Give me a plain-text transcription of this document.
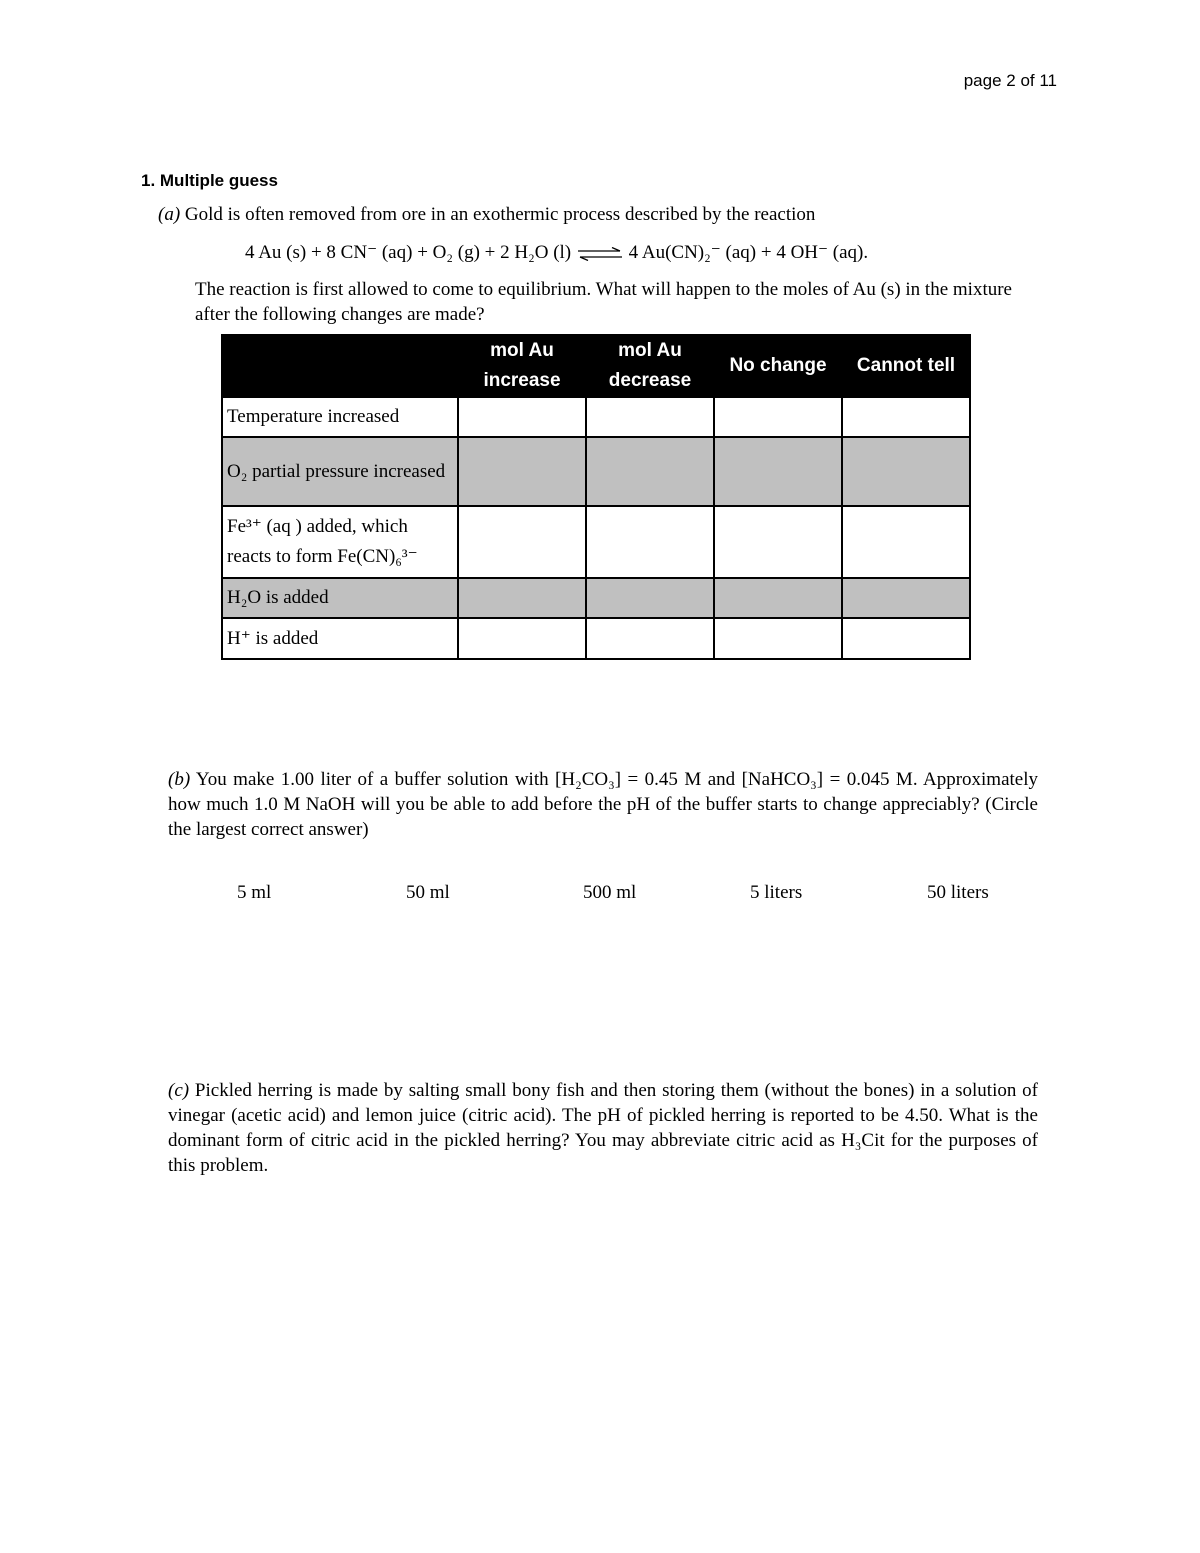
page 2 of 11
1. Multiple guess
(a) Gold is often removed from ore in an exothermic process described by the reaction
4 Au (s) + 8 CN⁻ (aq) + O₂ (g) + 2 H₂O (l) ⇌ 4 Au(CN)₂⁻ (aq) + 4 OH⁻ (aq).
The reaction is first allowed to come to equilibrium. What will happen to the moles of Au (s) in the mixture after the following changes are made?
	mol Au increase	mol Au decrease	No change	Cannot tell
Temperature increased				
O₂ partial pressure increased				
Fe³⁺ (aq ) added, which reacts to form Fe(CN)₆³⁻				
H₂O is added				
H⁺ is added				
(b) You make 1.00 liter of a buffer solution with [H₂CO₃] = 0.45 M and [NaHCO₃] = 0.045 M. Approximately how much 1.0 M NaOH will you be able to add before the pH of the buffer starts to change appreciably? (Circle the largest correct answer)
5 ml	50 ml	500 ml	5 liters	50 liters
(c) Pickled herring is made by salting small bony fish and then storing them (without the bones) in a solution of vinegar (acetic acid) and lemon juice (citric acid). The pH of pickled herring is reported to be 4.50. What is the dominant form of citric acid in the pickled herring? You may abbreviate citric acid as H₃Cit for the purposes of this problem.
